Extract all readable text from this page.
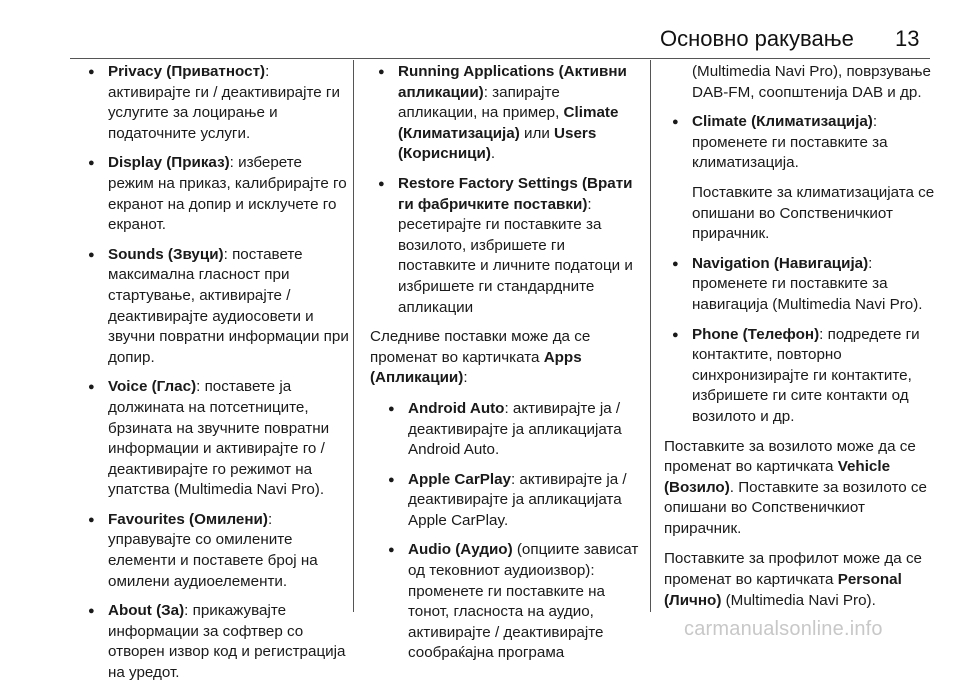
Основно ракување 13
● Privacy (Приватност): активирајте ги / деактивирајте ги услугите за лоцирање и податочните услуги.
● Display (Приказ): изберете режим на приказ, калибрирајте го екранот на допир и исклучете го екранот.
● Sounds (Звуци): поставете максимална гласност при стартување, активирајте / деактивирајте аудиосовети и звучни повратни информации при допир.
● Voice (Глас): поставете ја должината на потсетниците, брзината на звучните повратни информации и активирајте го / деактивирајте го режимот на упатства (Multimedia Navi Pro).
● Favourites (Омилени): управувајте со омилените елементи и поставете број на омилени аудиоелементи.
● About (За): прикажувајте информации за софтвер со отворен извор код и регистрација на уредот.
● Running Applications (Активни апликации): запирајте апликации, на пример, Climate (Климатизација) или Users (Корисници).
● Restore Factory Settings (Врати ги фабричките поставки): ресетирајте ги поставките за возилото, избришете ги поставките и личните податоци и избришете ги стандардните апликации

Следниве поставки може да се променат во картичката Apps (Апликации):

● Android Auto: активирајте ја / деактивирајте ја апликацијата Android Auto.
● Apple CarPlay: активирајте ја / деактивирајте ја апликацијата Apple CarPlay.
● Audio (Аудио) (опциите зависат од тековниот аудиоизвор): променете ги поставките на тонот, гласноста на аудио, активирајте / деактивирајте сообраќајна програма
(Multimedia Navi Pro), поврзување DAB-FM, соопштенија DAB и др.
● Climate (Климатизација): променете ги поставките за климатизација.
Поставките за климатизацијата се опишани во Сопственичкиот прирачник.
● Navigation (Навигација): променете ги поставките за навигација (Multimedia Navi Pro).
● Phone (Телефон): подредете ги контактите, повторно синхронизирајте ги контактите, избришете ги сите контакти од возилото и др.

Поставките за возилото може да се променат во картичката Vehicle (Возило). Поставките за возилото се опишани во Сопственичкиот прирачник.

Поставките за профилот може да се променат во картичката Personal (Лично) (Multimedia Navi Pro).

carmanualsonline.info
